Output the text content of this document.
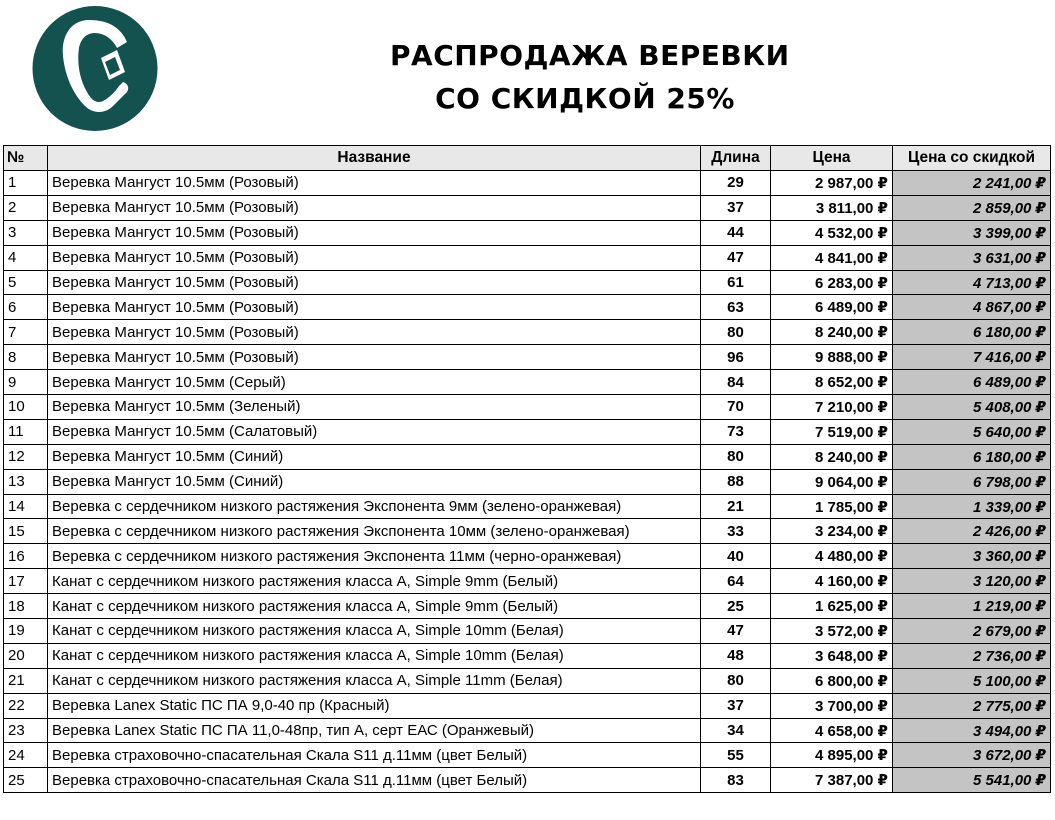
РАСПРОДАЖА ВЕРЕВКИ
СО СКИДКОЙ 25%
№	Название	Длина	Цена	Цена со скидкой
1	Веревка Мангуст 10.5мм (Розовый)	29	2 987,00 ₽	2 241,00 ₽
2	Веревка Мангуст 10.5мм (Розовый)	37	3 811,00 ₽	2 859,00 ₽
3	Веревка Мангуст 10.5мм (Розовый)	44	4 532,00 ₽	3 399,00 ₽
4	Веревка Мангуст 10.5мм (Розовый)	47	4 841,00 ₽	3 631,00 ₽
5	Веревка Мангуст 10.5мм (Розовый)	61	6 283,00 ₽	4 713,00 ₽
6	Веревка Мангуст 10.5мм (Розовый)	63	6 489,00 ₽	4 867,00 ₽
7	Веревка Мангуст 10.5мм (Розовый)	80	8 240,00 ₽	6 180,00 ₽
8	Веревка Мангуст 10.5мм (Розовый)	96	9 888,00 ₽	7 416,00 ₽
9	Веревка Мангуст 10.5мм (Серый)	84	8 652,00 ₽	6 489,00 ₽
10	Веревка Мангуст 10.5мм (Зеленый)	70	7 210,00 ₽	5 408,00 ₽
11	Веревка Мангуст 10.5мм (Салатовый)	73	7 519,00 ₽	5 640,00 ₽
12	Веревка Мангуст 10.5мм (Синий)	80	8 240,00 ₽	6 180,00 ₽
13	Веревка Мангуст 10.5мм (Синий)	88	9 064,00 ₽	6 798,00 ₽
14	Веревка с сердечником низкого растяжения Экспонента 9мм (зелено-оранжевая)	21	1 785,00 ₽	1 339,00 ₽
15	Веревка с сердечником низкого растяжения Экспонента 10мм (зелено-оранжевая)	33	3 234,00 ₽	2 426,00 ₽
16	Веревка с сердечником низкого растяжения Экспонента 11мм (черно-оранжевая)	40	4 480,00 ₽	3 360,00 ₽
17	Канат с сердечником низкого растяжения класса А, Simple 9mm (Белый)	64	4 160,00 ₽	3 120,00 ₽
18	Канат с сердечником низкого растяжения класса А, Simple 9mm (Белый)	25	1 625,00 ₽	1 219,00 ₽
19	Канат с сердечником низкого растяжения класса А, Simple 10mm (Белая)	47	3 572,00 ₽	2 679,00 ₽
20	Канат с сердечником низкого растяжения класса А, Simple 10mm (Белая)	48	3 648,00 ₽	2 736,00 ₽
21	Канат с сердечником низкого растяжения класса А, Simple 11mm (Белая)	80	6 800,00 ₽	5 100,00 ₽
22	Веревка Lanex Static ПС ПА 9,0-40 пр (Красный)	37	3 700,00 ₽	2 775,00 ₽
23	Веревка Lanex Static ПС ПА 11,0-48пр, тип А, серт ЕАС (Оранжевый)	34	4 658,00 ₽	3 494,00 ₽
24	Веревка страховочно-спасательная Скала S11 д.11мм (цвет Белый)	55	4 895,00 ₽	3 672,00 ₽
25	Веревка страховочно-спасательная Скала S11 д.11мм (цвет Белый)	83	7 387,00 ₽	5 541,00 ₽
